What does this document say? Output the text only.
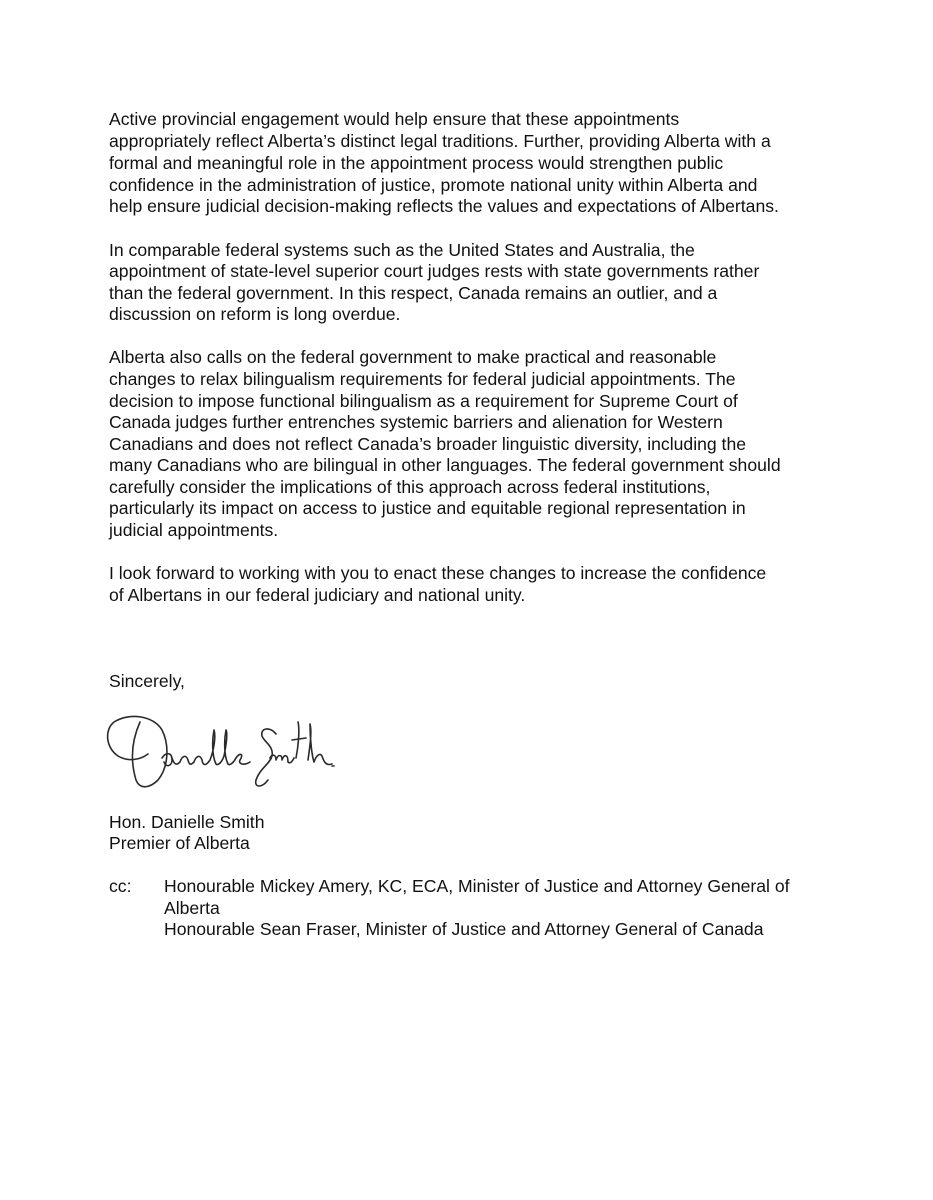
Active provincial engagement would help ensure that these appointments

appropriately reflect Alberta’s distinct legal traditions. Further, providing Alberta with a

formal and meaningful role in the appointment process would strengthen public

confidence in the administration of justice, promote national unity within Alberta and

help ensure judicial decision-making reflects the values and expectations of Albertans.

In comparable federal systems such as the United States and Australia, the

appointment of state-level superior court judges rests with state governments rather

than the federal government. In this respect, Canada remains an outlier, and a

discussion on reform is long overdue.

Alberta also calls on the federal government to make practical and reasonable

changes to relax bilingualism requirements for federal judicial appointments. The

decision to impose functional bilingualism as a requirement for Supreme Court of

Canada judges further entrenches systemic barriers and alienation for Western

Canadians and does not reflect Canada’s broader linguistic diversity, including the

many Canadians who are bilingual in other languages. The federal government should

carefully consider the implications of this approach across federal institutions,

particularly its impact on access to justice and equitable regional representation in

judicial appointments.

I look forward to working with you to enact these changes to increase the confidence

of Albertans in our federal judiciary and national unity.

Sincerely,

Hon. Danielle Smith

Premier of Alberta

cc: Honourable Mickey Amery, KC, ECA, Minister of Justice and Attorney General of
Alberta
Honourable Sean Fraser, Minister of Justice and Attorney General of Canada
